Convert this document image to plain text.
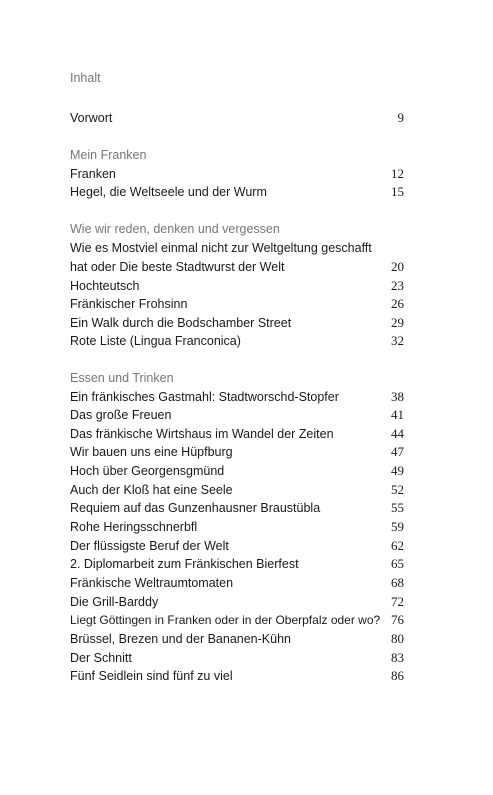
Inhalt
Vorwort	9
Mein Franken
Franken	12
Hegel, die Weltseele und der Wurm	15
Wie wir reden, denken und vergessen
Wie es Mostviel einmal nicht zur Weltgeltung geschafft
hat oder Die beste Stadtwurst der Welt	20
Hochteutsch	23
Fränkischer Frohsinn	26
Ein Walk durch die Bodschamber Street	29
Rote Liste (Lingua Franconica)	32
Essen und Trinken
Ein fränkisches Gastmahl: Stadtworschd-Stopfer	38
Das große Freuen	41
Das fränkische Wirtshaus im Wandel der Zeiten	44
Wir bauen uns eine Hüpfburg	47
Hoch über Georgensgmünd	49
Auch der Kloß hat eine Seele	52
Requiem auf das Gunzenhausner Braustübla	55
Rohe Heringsschnerbfl	59
Der flüssigste Beruf der Welt	62
2. Diplomarbeit zum Fränkischen Bierfest	65
Fränkische Weltraumtomaten	68
Die Grill-Barddy	72
Liegt Göttingen in Franken oder in der Oberpfalz oder wo? 76
Brüssel, Brezen und der Bananen-Kühn	80
Der Schnitt	83
Fünf Seidlein sind fünf zu viel	86
